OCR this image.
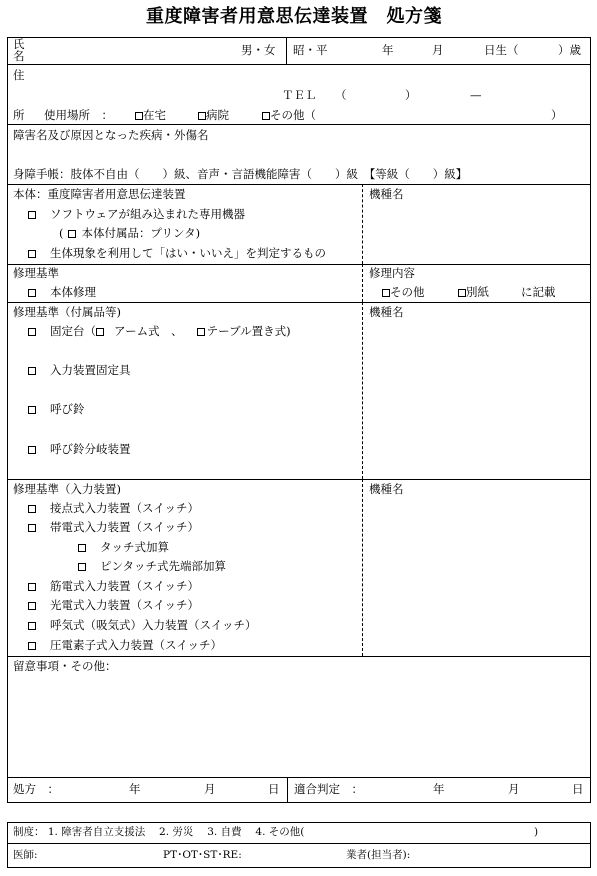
重度障害者用意思伝達装置　処方箋
氏
名	男・女 昭・平	年	月	日生（	）歳
住
ＴＥＬ （	）	—
所 使用場所　：	在宅	病院	その他（	）
障害名及び原因となった疾病・外傷名
身障手帳：肢体不自由（　　）級、音声・言語機能障害（　　）級　【等級（　　）級】
本体：重度障害者用意思伝達装置
ソフトウェアが組み込まれた専用機器
( 本体付属品：プリンタ)
生体現象を利用して「はい・いいえ」を判定するもの
機種名
修理基準
本体修理
修理内容
その他	別紙	に記載
修理基準（付属品等)
固定台（ アーム式　、 テーブル置き式)
入力装置固定具
呼び鈴
呼び鈴分岐装置
機種名
修理基準（入力装置)
接点式入力装置（スイッチ）
帯電式入力装置（スイッチ）
タッチ式加算
ピンタッチ式先端部加算
筋電式入力装置（スイッチ）
光電式入力装置（スイッチ）
呼気式（吸気式）入力装置（スイッチ）
圧電素子式入力装置（スイッチ）
機種名
留意事項・その他：
処方　：	年	月	日 適合判定　：	年	月	日
制度： 1. 障害者自立支援法　 2. 労災　 3. 自費　 4. その他(	)
医師:	PT･OT･ST･RE:	業者(担当者):
